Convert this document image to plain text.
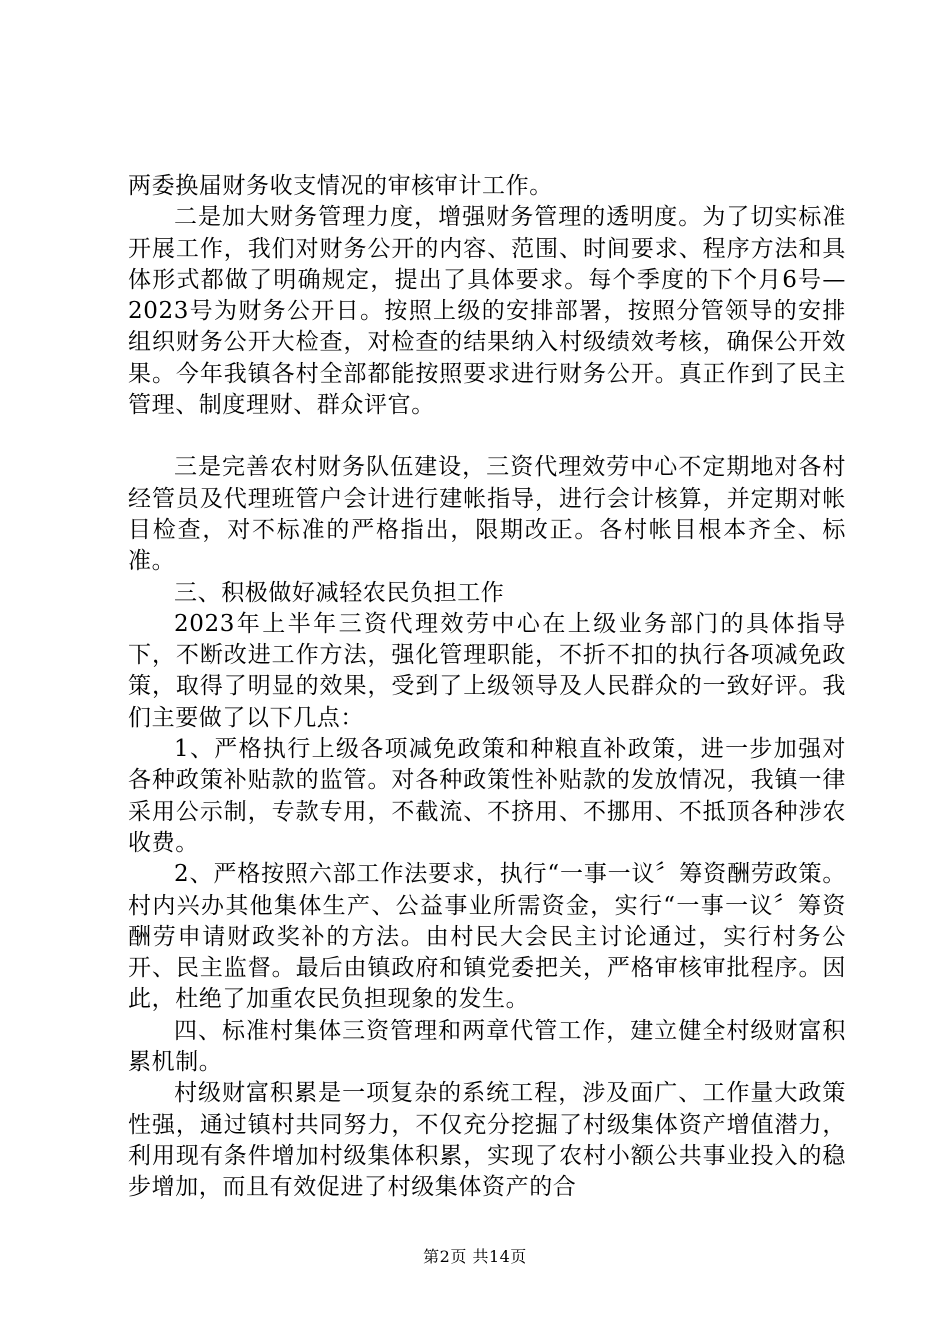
两委换届财务收支情况的审核审计工作。

二是加大财务管理力度，增强财务管理的透明度。为了切实标准开展工作，我们对财务公开的内容、范围、时间要求、程序方法和具体形式都做了明确规定，提出了具体要求。每个季度的下个月6号—2023号为财务公开日。按照上级的安排部署，按照分管领导的安排组织财务公开大检查，对检查的结果纳入村级绩效考核，确保公开效果。今年我镇各村全部都能按照要求进行财务公开。真正作到了民主管理、制度理财、群众评官。

三是完善农村财务队伍建设，三资代理效劳中心不定期地对各村经管员及代理班管户会计进行建帐指导，进行会计核算，并定期对帐目检查，对不标准的严格指出，限期改正。各村帐目根本齐全、标准。

三、积极做好减轻农民负担工作

2023年上半年三资代理效劳中心在上级业务部门的具体指导下，不断改进工作方法，强化管理职能，不折不扣的执行各项减免政策，取得了明显的效果，受到了上级领导及人民群众的一致好评。我们主要做了以下几点：

1、严格执行上级各项减免政策和种粮直补政策，进一步加强对各种政策补贴款的监管。对各种政策性补贴款的发放情况，我镇一律采用公示制，专款专用，不截流、不挤用、不挪用、不抵顶各种涉农收费。

2、严格按照六部工作法要求，执行“一事一议〞筹资酬劳政策。村内兴办其他集体生产、公益事业所需资金，实行“一事一议〞筹资酬劳申请财政奖补的方法。由村民大会民主讨论通过，实行村务公开、民主监督。最后由镇政府和镇党委把关，严格审核审批程序。因此，杜绝了加重农民负担现象的发生。

四、标准村集体三资管理和两章代管工作，建立健全村级财富积累机制。

村级财富积累是一项复杂的系统工程，涉及面广、工作量大政策性强，通过镇村共同努力，不仅充分挖掘了村级集体资产增值潜力，利用现有条件增加村级集体积累，实现了农村小额公共事业投入的稳步增加，而且有效促进了村级集体资产的合

第2页 共14页
